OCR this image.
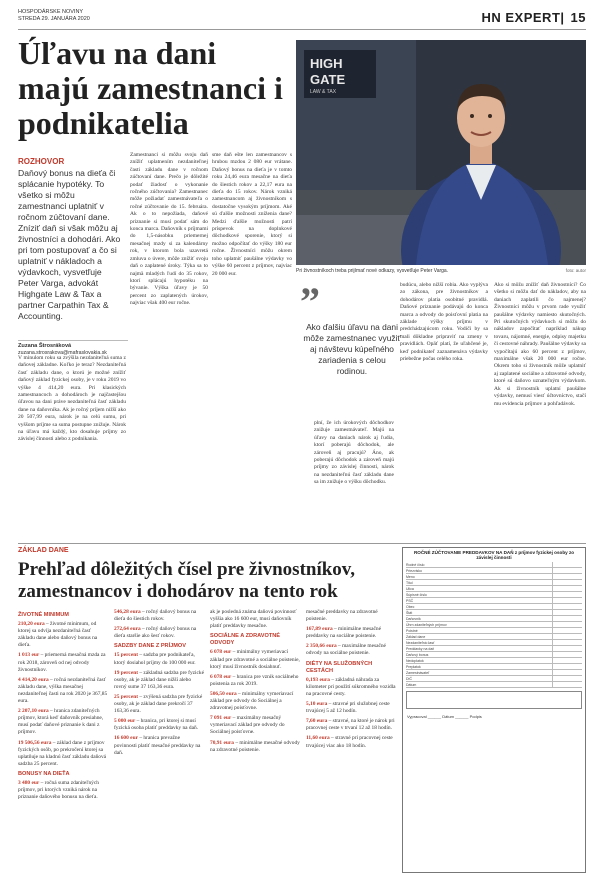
HOSPODÁRSKE NOVINY
STREDA 29. JANUÁRA 2020	HN EXPERT| 15
Úľavu na dani majú zamestnanci i podnikatelia
ROZHOVOR
Daňový bonus na dieťa či splácanie hypotéky. To všetko si môžu zamestnanci uplatniť v ročnom zúčtovaní dane. Zníziť daň si však môžu aj živnostníci a dohodári. Ako pri tom postupovať a čo si uplatniť v nákladoch a výdavkoch, vysvetľuje Peter Varga, advokát Highgate Law & Tax a partner Carpathin Tax & Accounting.
Zuzana Štrosráková
zuzana.strosrakova@mafraslovakia.sk
V minulom roku sa zvýšila nezdaniteľná suma z daňovej základne. Koľko je teraz? Nezdaniteľná časť základu dane, o ktorú je možné znížiť daňový základ fyzickej osoby, je v roku 2019 vo výške 4 414,20 eura. Pri klasických zamestnancoch a dohodároch je najčastejšou úľavou na dani práve nezdaniteľná časť základu dane na daňovníka. Ak je ročný príjem nižší ako 20 507,99 eura, nárok je na celú sumu, pri vyššom príjme sa suma postupne znižuje. Nárok na úľavu má každý, kto dosahuje príjmy zo závislej činnosti alebo z podnikania.
Zamestnanci si môžu svoju daň znížiť uplatnením nezdaniteľnej časti základu dane v ročnom zúčtovaní dane. Prečo je dôležité podať žiadosť o vykonanie ročného zúčtovania? Zamestnanec môže požiadať zamestnávateľa o ročné zúčtovanie do 15. februára. Ak o to nepožiada, daňové priznanie si musí podať sám do konca marca. Daňovník s príjmami do 1,5-násobku priemernej mesačnej mzdy si za kalendárny rok, v ktorom bola uzavretá zmluva o úvere, môže znížiť svoju daň o zaplatené úroky. Týka sa to najmä mladých ľudí do 35 rokov, ktorí splácajú hypotéku na bývanie. Výška úľavy je 50 percent zo zaplatených úrokov, najviac však 400 eur ročne.
sme daň ešte len zamestnancov s hrubou mzdou 2 080 eur vrátane. Daňový bonus na dieťa je v tomto roku 24,46 eura mesačne na dieťa do šiestich rokov a 22,17 eura na dieťa do 15 rokov. Nárok vzniká zamestnancom aj živnostníkom s dostatočne vysokým príjmom. Aké sú ďalšie možnosti zníženia dane? Medzi ďalšie možnosti patrí príspevok na doplnkové dôchodkové sporenie, ktorý si možno odpočítať do výšky 180 eur ročne. Živnostníci môžu okrem toho uplatniť paušálne výdavky vo výške 60 percent z príjmov, najviac 20 000 eur.
HIGH
GATE
LAW & TAX
Pri živnostníkoch treba prijímať nové odkazy, vysvetľuje Peter Varga.	foto: autor
”
Ako ďalšiu úľavu na dani môže zamestnanec využiť aj návštevu kúpeľného zariadenia s celou rodinou.
plní, že ich úrokových dôchodkov znižuje zamestnávateľ. Majú na úľavy na daniach nárok aj ľudia, ktorí poberajú dôchodok, ale zároveň aj pracujú? Áno, ak poberajú dôchodok a zároveň majú príjmy zo závislej činnosti, nárok na nezdaniteľnú časť základu dane sa im znižuje o výšku dôchodku.
budúcu, alebo nižší robia. Ako vyplýva zo zákona, pre živnostníkov a dohodárov platia osobitné pravidlá. Daňové priznanie podávajú do konca marca a odvody do poisťovní platia na základe výšky príjmu v predchádzajúcom roku. Vodiči by sa mali dôkladne pripraviť na zmeny v pravidlách. Opäť platí, že uľahčené je, keď podnikateľ zaznamenáva výdavky priebežne počas celého roka.
Ako si môžu znížiť daň živnostníci? Čo všetko si môžu dať do nákladov, aby na daniach zaplatili čo najmenej? Živnostníci môžu v prvom rade využiť paušálne výdavky namiesto skutočných. Pri skutočných výdavkoch si môžu do nákladov započítať napríklad nákup tovaru, nájomné, energie, odpisy majetku či cestovné náhrady. Paušálne výdavky sa vypočítajú ako 60 percent z príjmov, maximálne však 20 000 eur ročne. Okrem toho si živnostník môže uplatniť aj zaplatené sociálne a zdravotné odvody, ktoré sú daňovo uznateľným výdavkom. Ak si živnostník uplatní paušálne výdavky, nemusí viesť účtovníctvo, stačí mu evidencia príjmov a pohľadávok.
ZÁKLAD DANE
Prehľad dôležitých čísel pre živnostníkov, zamestnancov i dohodárov na tento rok
ŽIVOTNÉ MINIMUM

210,20 eura – životné minimum, od ktorej sa odvíja nezdaniteľná časť základu dane alebo daňový bonus na dieťa.

1 013 eur – priemerná mesačná mzda za rok 2018, zároveň od nej odvody živnostníkov.

4 414,20 eura – ročná nezdaniteľná časť základu dane, výška mesačnej nezdaniteľnej časti na rok 2020 je 367,85 eura.

2 207,10 eura – hranica zdaniteľných príjmov, ktorá keď daňovník presiahne, musí podať daňové priznanie k dani z príjmov.

19 506,56 eura – základ dane z príjmov fyzických osôb, po prekročení ktorej sa uplatňuje na kladnú časť základu daňová sadzba 25 percent.

BONUSY NA DIEŤA

3 480 eur – ročná suma zdaniteľných príjmov, pri ktorých vzniká nárok na priznanie daňového bonusu na dieťa.

546,28 eura – ročný daňový bonus na dieťa do šiestich rokov.

272,64 eura – ročný daňový bonus na dieťa staršie ako šesť rokov.

SADZBY DANE Z PRÍJMOV

15 percent – sadzba pre podnikateľa, ktorý dosiahol príjmy do 100 000 eur.

19 percent – základná sadzba pre fyzické osoby, ak je základ dane nižší alebo rovný sume 37 163,36 eura.

25 percent – zvýšená sadzba pre fyzické osoby, ak je základ dane prekročí 37 163,36 eura.

5 000 eur – hranica, pri ktorej si musí fyzická osoba platiť preddavky na daň.

16 600 eur – hranica prevažne povinnosti platiť mesačné preddavky na daň.

ak je posledná známa daňová povinnosť vyššia ako 16 600 eur, musí daňovník platiť preddavky mesačne.

SOCIÁLNE A ZDRAVOTNÉ ODVODY

6 078 eur – minimálny vymeriavací základ pre zdravotné a sociálne poistenie, ktorý musí živnostník dosiahnuť.

6 078 eur – hranica pre vznik sociálneho poistenia za rok 2019.

506,50 eura – minimálny vymeriavací základ pre odvody do Sociálnej a zdravotnej poisťovne.

7 091 eur – maximálny mesačný vymeriavací základ pre odvody do Sociálnej poisťovne.

70,91 eura – minimálne mesačné odvody na zdravotné poistenie.

mesačné preddavky na zdravotné poistenie.

167,89 eura – minimálne mesačné preddavky na sociálne poistenie.

2 350,66 eura – maximálne mesačné odvody na sociálne poistenie.

DIÉTY NA SLUŽOBNÝCH CESTÁCH

0,193 eura – základná náhrada za kilometer pri použití súkromného vozidla na pracovné cesty.

5,10 eura – stravné pri služobnej ceste trvajúcej 5 až 12 hodín.

7,60 eura – stravné, na ktoré je nárok pri pracovnej ceste v trvaní 12 až 18 hodín.

11,60 eura – stravné pri pracovnej ceste trvajúcej viac ako 18 hodín.

ROČNÉ ZÚČTOVANIE PREDDAVKOV NA DAŇ z príjmov fyzickej osoby zo závislej činnosti
Rodné číslo
Priezvisko
Meno
Titul
Ulica
Súpisné číslo
PSČ
Obec
Štát
Daňovník
Úhrn zdaniteľných príjmov
Poistné
Základ dane
Nezdaniteľná časť
Preddavky na daň
Daňový bonus
Nedoplatok
Preplatok
Zamestnávateľ
DIČ
Dátum
Vypracoval ______ Dátum ______ Podpis
